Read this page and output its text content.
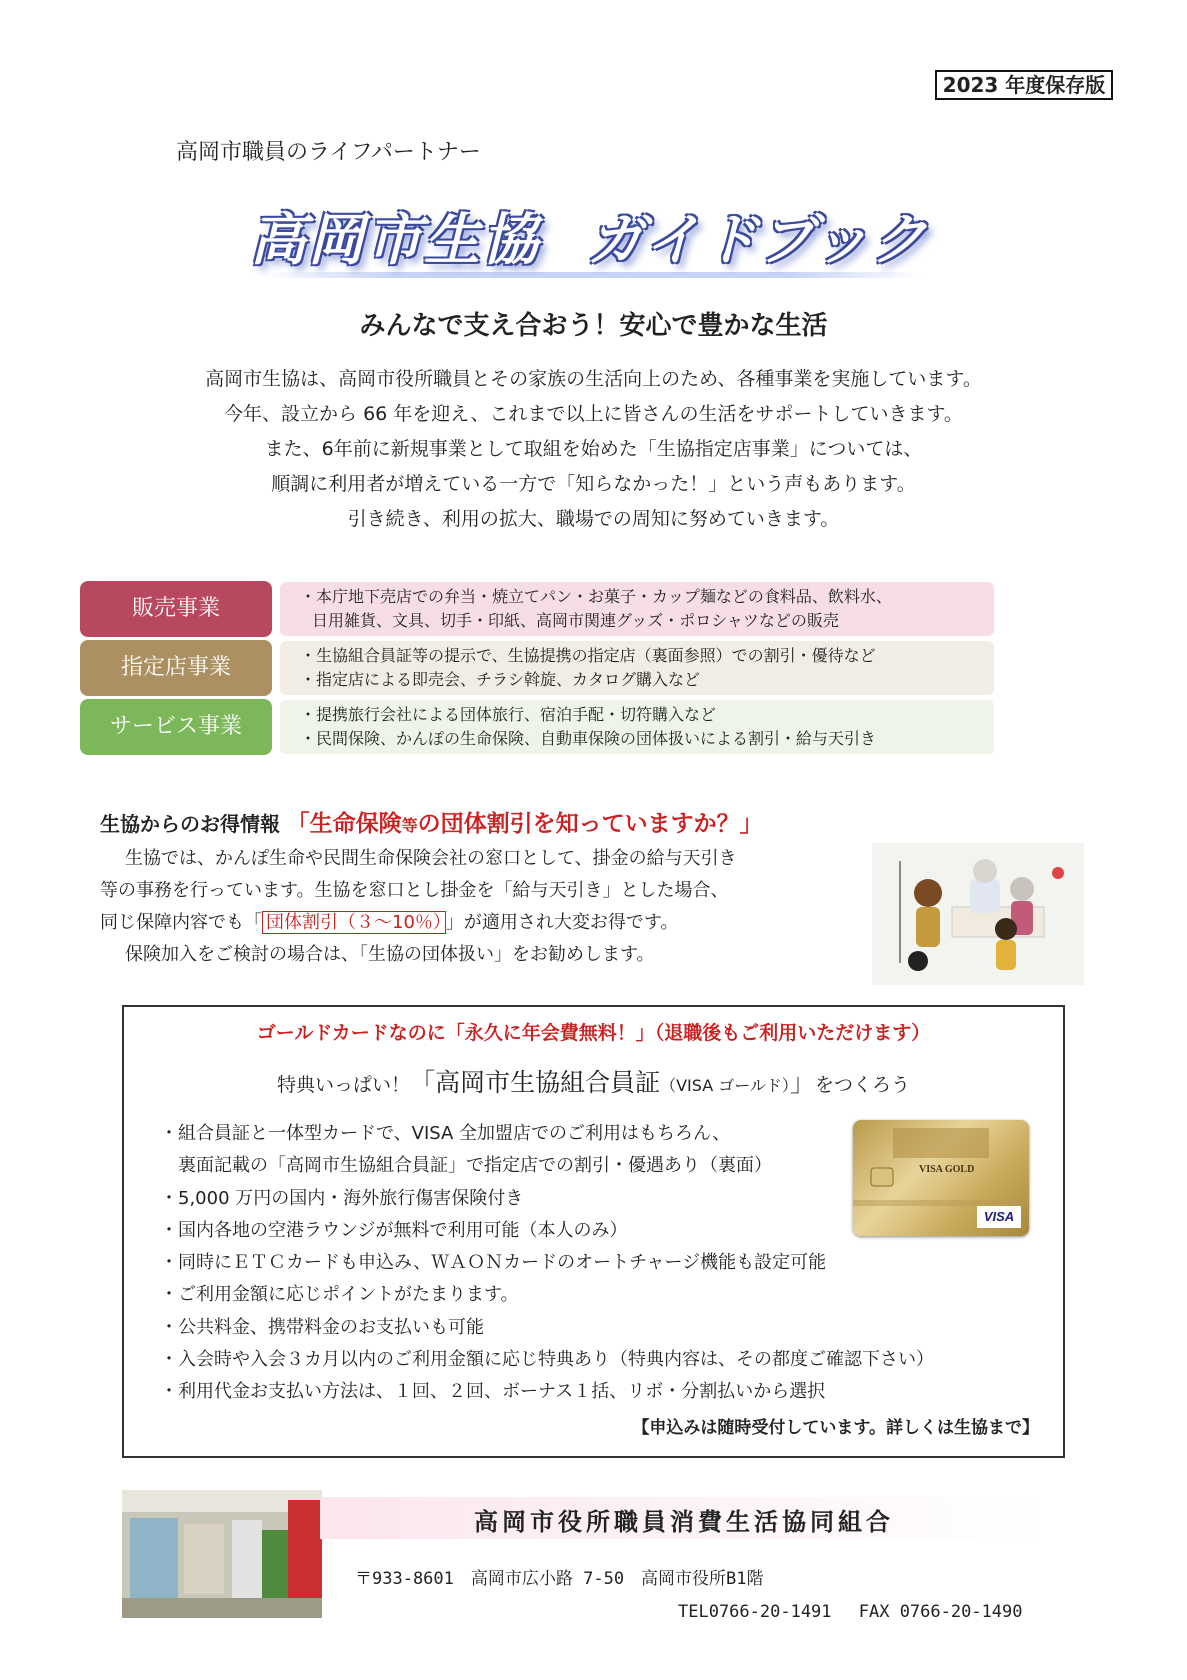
2023 年度保存版
高岡市職員のライフパートナー
高岡市生協 ガイドブック
みんなで支え合おう！安心で豊かな生活

高岡市生協は、高岡市役所職員とその家族の生活向上のため、各種事業を実施しています。

今年、設立から 66 年を迎え、これまで以上に皆さんの生活をサポートしていきます。

また、6年前に新規事業として取組を始めた「生協指定店事業」については、

順調に利用者が増えている一方で「知らなかった！」という声もあります。

引き続き、利用の拡大、職場での周知に努めていきます。

販売事業	・本庁地下売店での弁当・焼立てパン・お菓子・カップ麺などの食料品、飲料水、
日用雑貨、文具、切手・印紙、高岡市関連グッズ・ポロシャツなどの販売
指定店事業	・生協組合員証等の提示で、生協提携の指定店（裏面参照）での割引・優待など
・指定店による即売会、チラシ斡旋、カタログ購入など
サービス事業	・提携旅行会社による団体旅行、宿泊手配・切符購入など
・民間保険、かんぽの生命保険、自動車保険の団体扱いによる割引・給与天引き
生協からのお得情報 「生命保険等の団体割引を知っていますか？」

生協では、かんぽ生命や民間生命保険会社の窓口として、掛金の給与天引き

等の事務を行っています。生協を窓口とし掛金を「給与天引き」とした場合、

同じ保障内容でも「 団体割引（３～10％） 」が適用され大変お得です。

保険加入をご検討の場合は、「生協の団体扱い」をお勧めします。

ゴールドカードなのに「永久に年会費無料！」（退職後もご利用いただけます）
特典いっぱい！「高岡市生協組合員証（VISA ゴールド）」をつくろう
・組合員証と一体型カードで、VISA 全加盟店でのご利用はもちろん、
裏面記載の「高岡市生協組合員証」で指定店での割引・優遇あり（裏面）
・5,000 万円の国内・海外旅行傷害保険付き
・国内各地の空港ラウンジが無料で利用可能（本人のみ）
・同時にＥＴＣカードも申込み、ＷＡＯＮカードのオートチャージ機能も設定可能
・ご利用金額に応じポイントがたまります。
・公共料金、携帯料金のお支払いも可能
・入会時や入会３カ月以内のご利用金額に応じ特典あり（特典内容は、その都度ご確認下さい）
・利用代金お支払い方法は、１回、２回、ボーナス１括、リボ・分割払いから選択
【申込みは随時受付しています。詳しくは生協まで】
VISA GOLD
VISA
高岡市役所職員消費生活協同組合
〒933-8601　高岡市広小路 7-50　高岡市役所B1階
TEL0766-20-1491　 FAX 0766-20-1490
